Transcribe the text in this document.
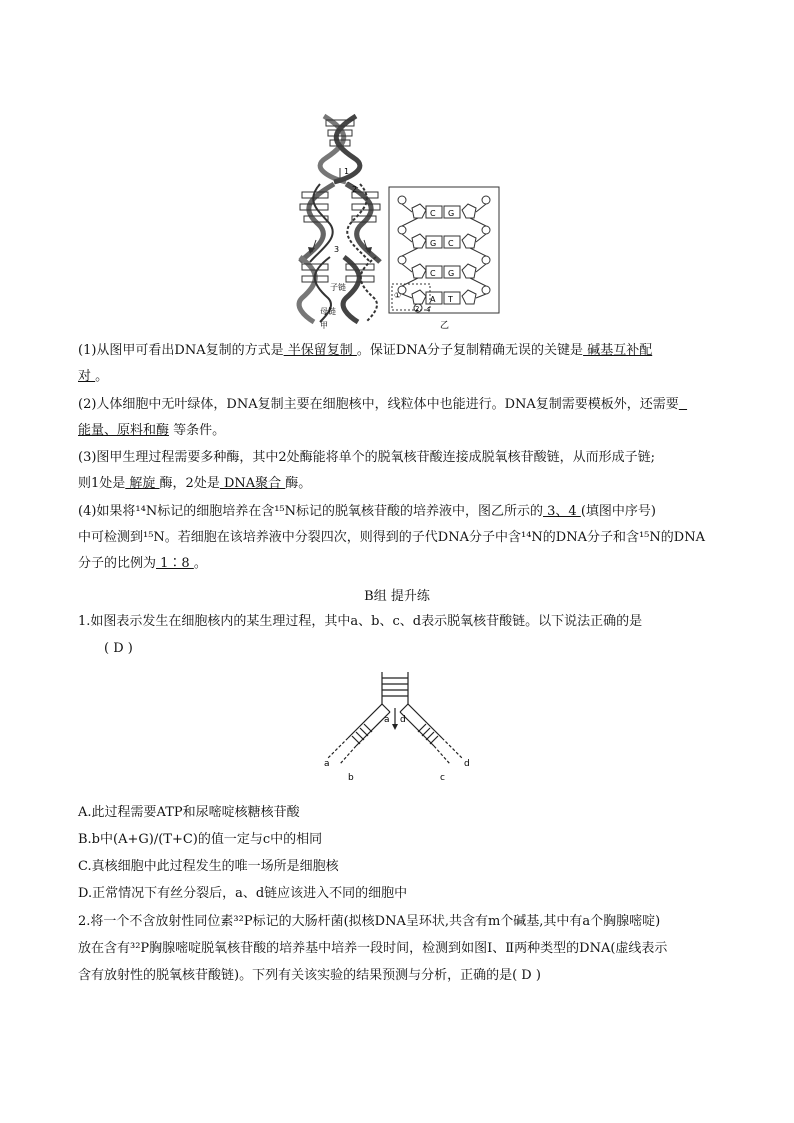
1
2
3
子链
母链
甲
C G
G C
C G
A T
①
2 4
乙
(1)从图甲可看出DNA复制的方式是 半保留复制 。保证DNA分子复制精确无误的关键是 碱基互补配
对 。
(2)人体细胞中无叶绿体，DNA复制主要在细胞核中，线粒体中也能进行。DNA复制需要模板外，还需要
能量、原料和酶 等条件。
(3)图甲生理过程需要多种酶，其中2处酶能将单个的脱氧核苷酸连接成脱氧核苷酸链，从而形成子链;
则1处是 解旋 酶，2处是 DNA聚合 酶。
(4)如果将¹⁴N标记的细胞培养在含¹⁵N标记的脱氧核苷酸的培养液中，图乙所示的 3、4 (填图中序号)
中可检测到¹⁵N。若细胞在该培养液中分裂四次，则得到的子代DNA分子中含¹⁴N的DNA分子和含¹⁵N的DNA
分子的比例为 1∶8 。
B组 提升练
1.如图表示发生在细胞核内的某生理过程，其中a、b、c、d表示脱氧核苷酸链。以下说法正确的是
( D )
a d
a
b	c
d
A.此过程需要ATP和尿嘧啶核糖核苷酸
B.b中(A+G)/(T+C)的值一定与c中的相同
C.真核细胞中此过程发生的唯一场所是细胞核
D.正常情况下有丝分裂后，a、d链应该进入不同的细胞中
2.将一个不含放射性同位素³²P标记的大肠杆菌(拟核DNA呈环状,共含有m个碱基,其中有a个胸腺嘧啶)
放在含有³²P胸腺嘧啶脱氧核苷酸的培养基中培养一段时间，检测到如图Ⅰ、Ⅱ两种类型的DNA(虚线表示
含有放射性的脱氧核苷酸链)。下列有关该实验的结果预测与分析，正确的是( D )
